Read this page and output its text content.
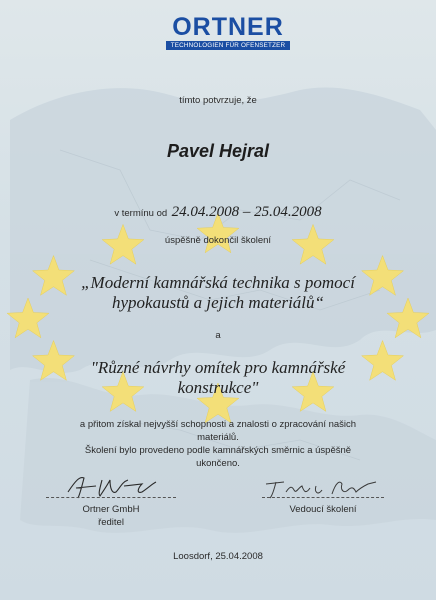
ORTNER
TECHNOLOGIEN FÜR OFENSETZER
tímto potvrzuje, že
Pavel Hejral
v termínu od 24.04.2008 – 25.04.2008
úspěšně dokončil školení
„Moderní kamnářská technika s pomocí
hypokaustů a jejich materiálů“
a
"Různé návrhy omítek pro kamnářské
konstrukce"
a přitom získal nejvyšší schopnosti a znalosti o zpracování našich
materiálů.
Školení bylo provedeno podle kamnářských směrnic a úspěšně
ukončeno.
Ortner GmbH
ředitel
Vedoucí školení
Loosdorf, 25.04.2008
